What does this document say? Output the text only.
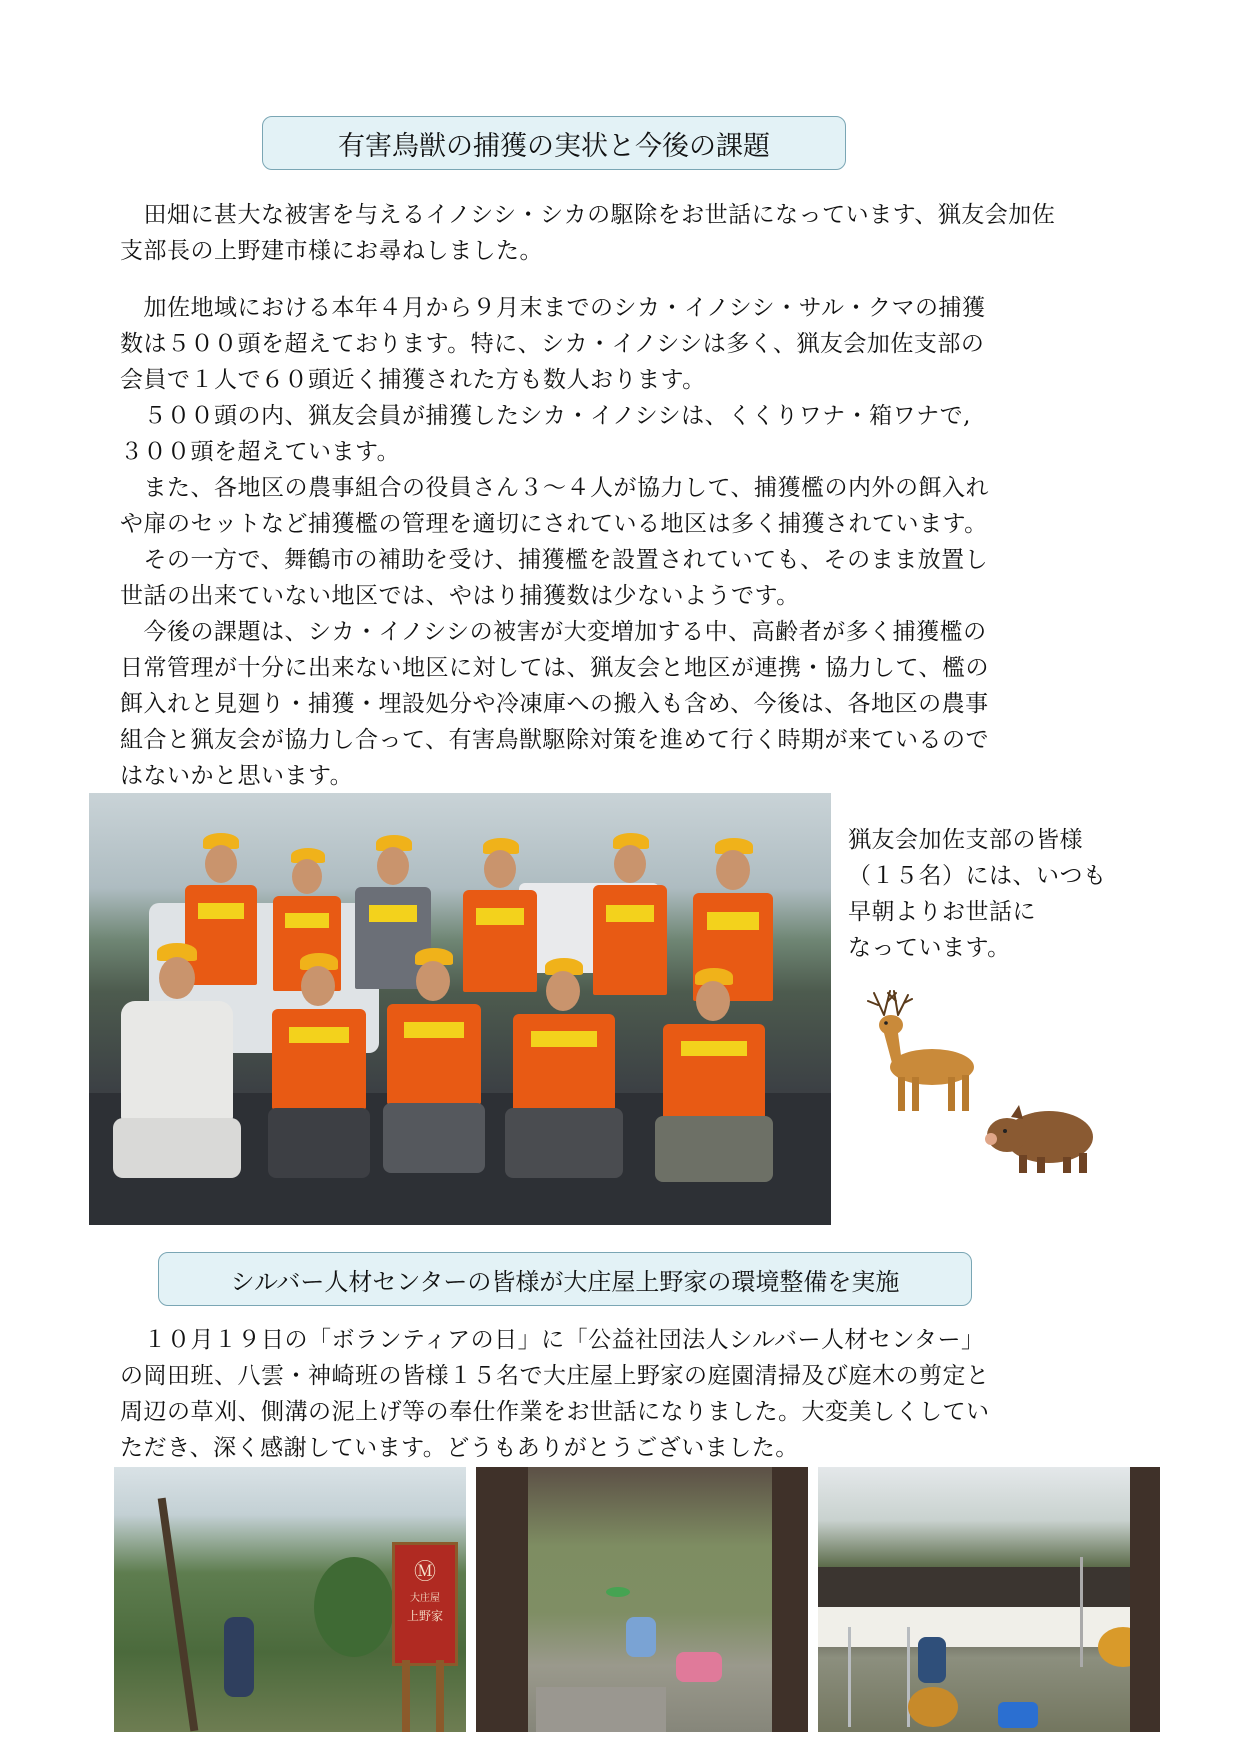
有害鳥獣の捕獲の実状と今後の課題

　田畑に甚大な被害を与えるイノシシ・シカの駆除をお世話になっています、猟友会加佐
支部長の上野建市様にお尋ねしました。

　加佐地域における本年４月から９月末までのシカ・イノシシ・サル・クマの捕獲
数は５００頭を超えております。特に、シカ・イノシシは多く、猟友会加佐支部の
会員で１人で６０頭近く捕獲された方も数人おります。
　５００頭の内、猟友会員が捕獲したシカ・イノシシは、くくりワナ・箱ワナで,
３００頭を超えています。
　また、各地区の農事組合の役員さん３～４人が協力して、捕獲檻の内外の餌入れ
や扉のセットなど捕獲檻の管理を適切にされている地区は多く捕獲されています。
　その一方で、舞鶴市の補助を受け、捕獲檻を設置されていても、そのまま放置し
世話の出来ていない地区では、やはり捕獲数は少ないようです。
　今後の課題は、シカ・イノシシの被害が大変増加する中、高齢者が多く捕獲檻の
日常管理が十分に出来ない地区に対しては、猟友会と地区が連携・協力して、檻の
餌入れと見廻り・捕獲・埋設処分や冷凍庫への搬入も含め、今後は、各地区の農事
組合と猟友会が協力し合って、有害鳥獣駆除対策を進めて行く時期が来ているので
はないかと思います。

猟友会加佐支部の皆様
（１５名）には、いつも
早朝よりお世話に
なっています。

シルバー人材センターの皆様が大庄屋上野家の環境整備を実施

　１０月１９日の「ボランティアの日」に「公益社団法人シルバー人材センター」
の岡田班、八雲・神崎班の皆様１５名で大庄屋上野家の庭園清掃及び庭木の剪定と
周辺の草刈、側溝の泥上げ等の奉仕作業をお世話になりました。大変美しくしてい
ただき、深く感謝しています。どうもありがとうございました。

Ⓜ
大庄屋
上野家
